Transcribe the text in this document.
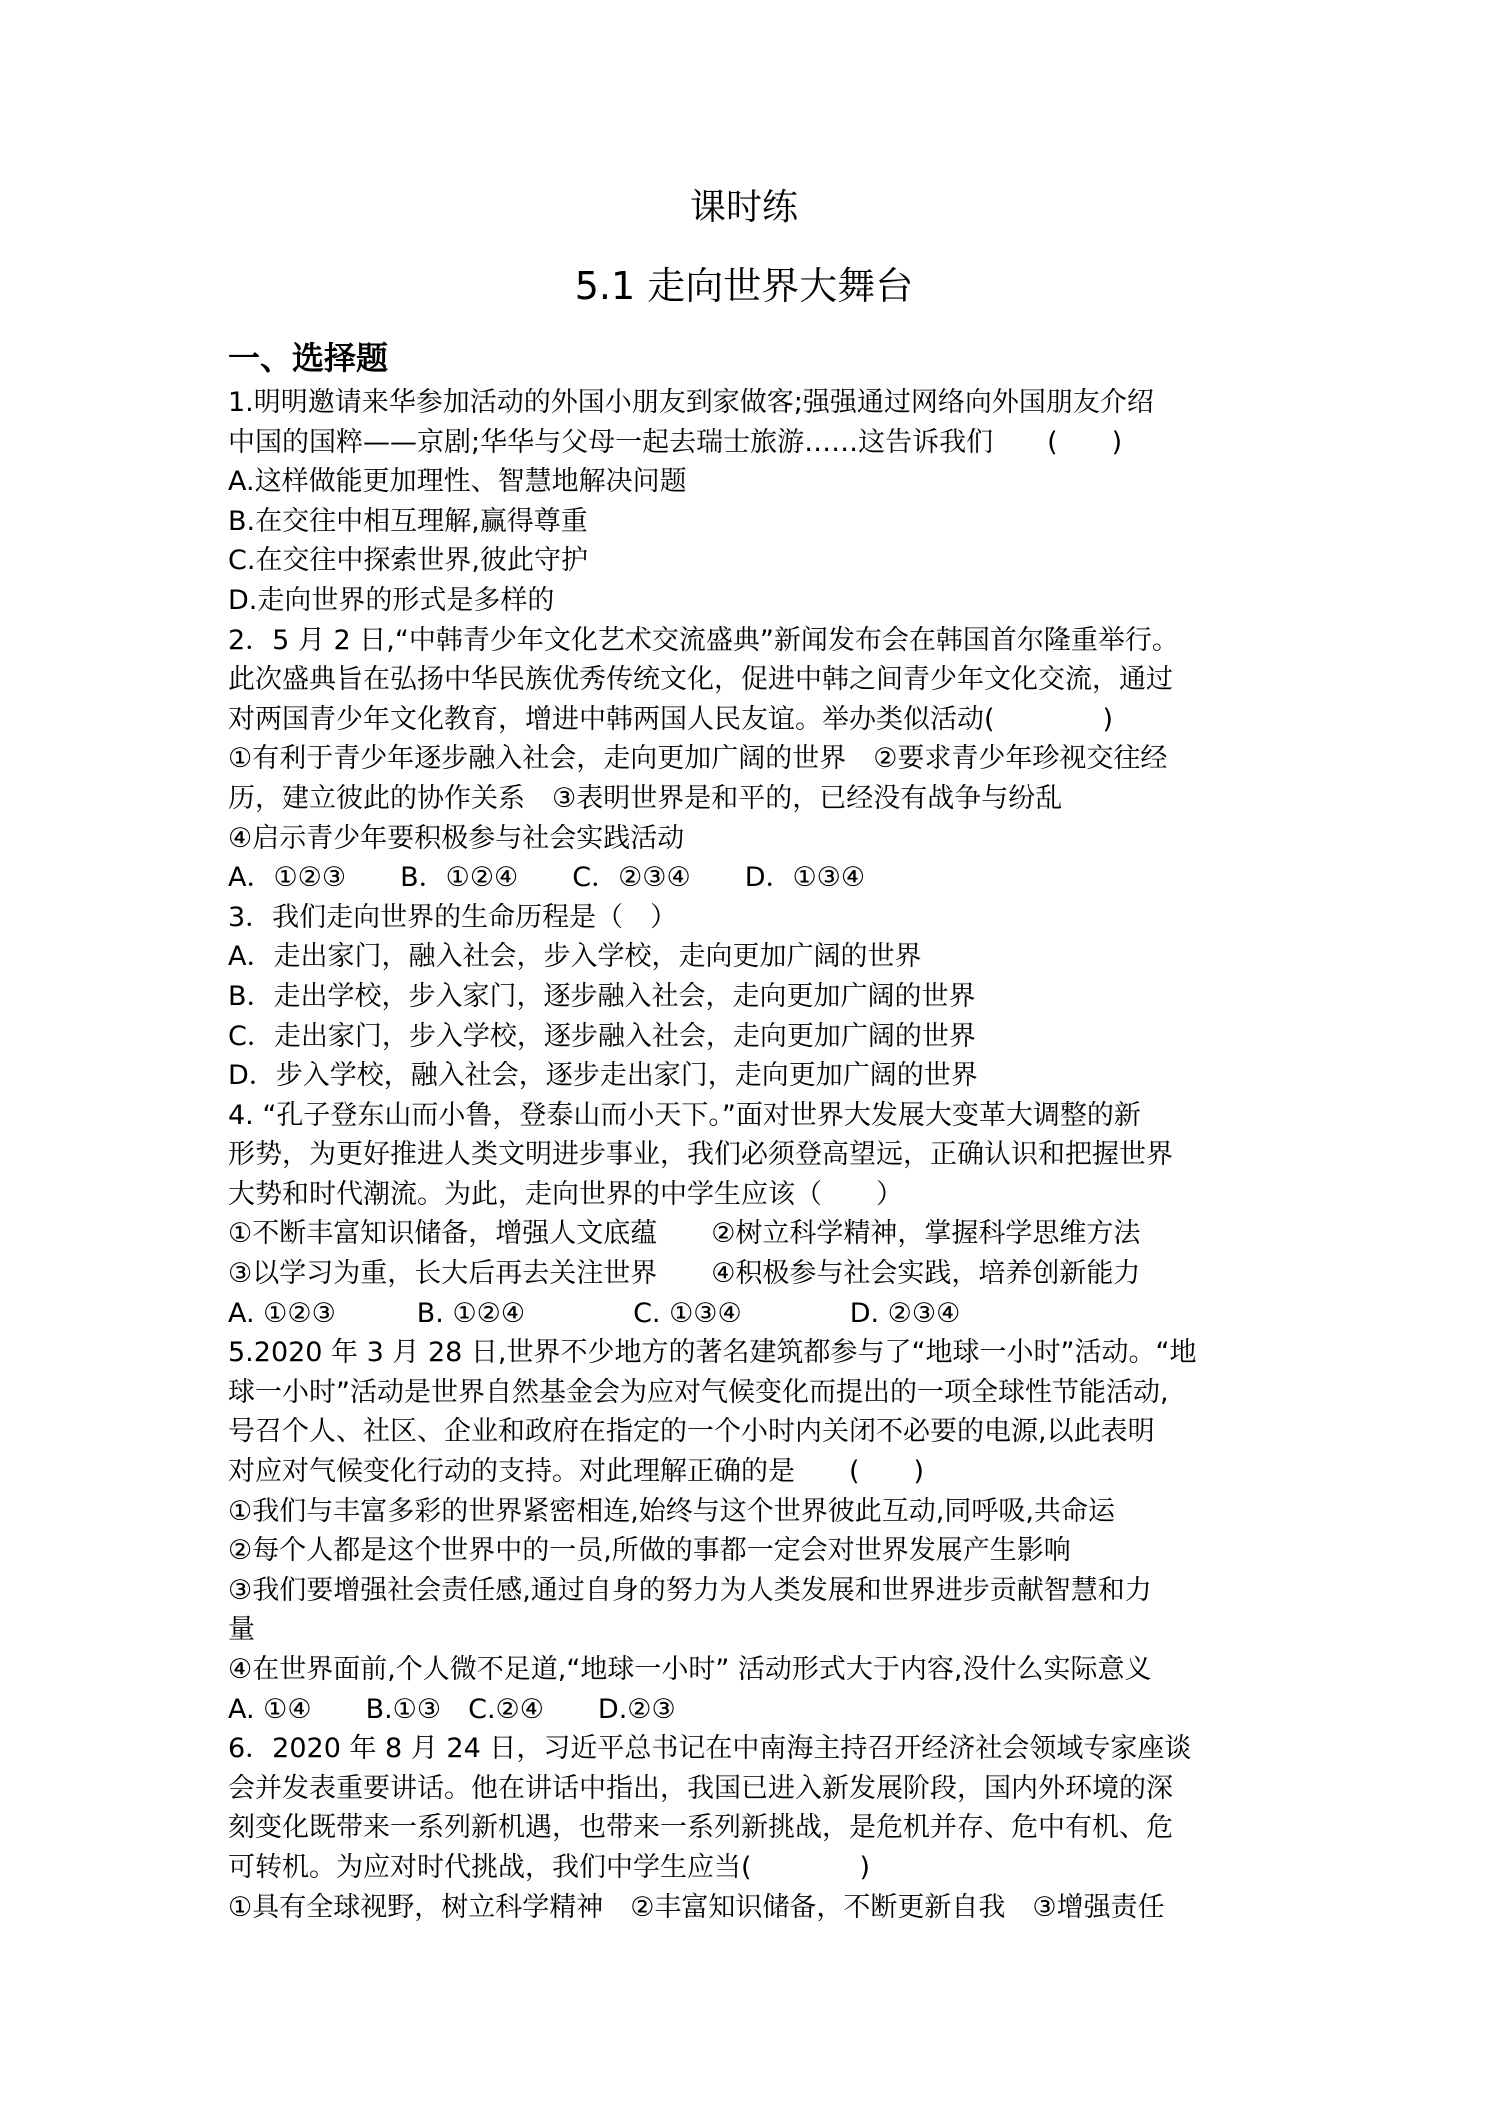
课时练
5.1 走向世界大舞台
一、选择题
1.明明邀请来华参加活动的外国小朋友到家做客;强强通过网络向外国朋友介绍
中国的国粹——京剧;华华与父母一起去瑞士旅游……这告诉我们　　(　　)
A.这样做能更加理性、智慧地解决问题
B.在交往中相互理解,赢得尊重
C.在交往中探索世界,彼此守护
D.走向世界的形式是多样的
2．5 月 2 日,“中韩青少年文化艺术交流盛典”新闻发布会在韩国首尔隆重举行。
此次盛典旨在弘扬中华民族优秀传统文化，促进中韩之间青少年文化交流，通过
对两国青少年文化教育，增进中韩两国人民友谊。举办类似活动(　　　　)
①有利于青少年逐步融入社会，走向更加广阔的世界　②要求青少年珍视交往经
历，建立彼此的协作关系　③表明世界是和平的，已经没有战争与纷乱
④启示青少年要积极参与社会实践活动
A．①②③　　B．①②④　　C．②③④　　D．①③④
3．我们走向世界的生命历程是（　）
A．走出家门，融入社会，步入学校，走向更加广阔的世界
B．走出学校，步入家门，逐步融入社会，走向更加广阔的世界
C．走出家门，步入学校，逐步融入社会，走向更加广阔的世界
D．步入学校，融入社会，逐步走出家门，走向更加广阔的世界
4. “孔子登东山而小鲁，登泰山而小天下。”面对世界大发展大变革大调整的新
形势，为更好推进人类文明进步事业，我们必须登高望远，正确认识和把握世界
大势和时代潮流。为此，走向世界的中学生应该（　　）
①不断丰富知识储备，增强人文底蕴　　②树立科学精神，掌握科学思维方法
③以学习为重，长大后再去关注世界　　④积极参与社会实践，培养创新能力
A. ①②③　　　B. ①②④　　　　C. ①③④　　　　D. ②③④
5.2020 年 3 月 28 日,世界不少地方的著名建筑都参与了“地球一小时”活动。“地
球一小时”活动是世界自然基金会为应对气候变化而提出的一项全球性节能活动,
号召个人、社区、企业和政府在指定的一个小时内关闭不必要的电源,以此表明
对应对气候变化行动的支持。对此理解正确的是　　(　　)
①我们与丰富多彩的世界紧密相连,始终与这个世界彼此互动,同呼吸,共命运
②每个人都是这个世界中的一员,所做的事都一定会对世界发展产生影响
③我们要增强社会责任感,通过自身的努力为人类发展和世界进步贡献智慧和力
量
④在世界面前,个人微不足道,“地球一小时” 活动形式大于内容,没什么实际意义
A. ①④　　B.①③　C.②④　　D.②③
6．2020 年 8 月 24 日，习近平总书记在中南海主持召开经济社会领域专家座谈
会并发表重要讲话。他在讲话中指出，我国已进入新发展阶段，国内外环境的深
刻变化既带来一系列新机遇，也带来一系列新挑战，是危机并存、危中有机、危
可转机。为应对时代挑战，我们中学生应当(　　　　)
①具有全球视野，树立科学精神　②丰富知识储备，不断更新自我　③增强责任
